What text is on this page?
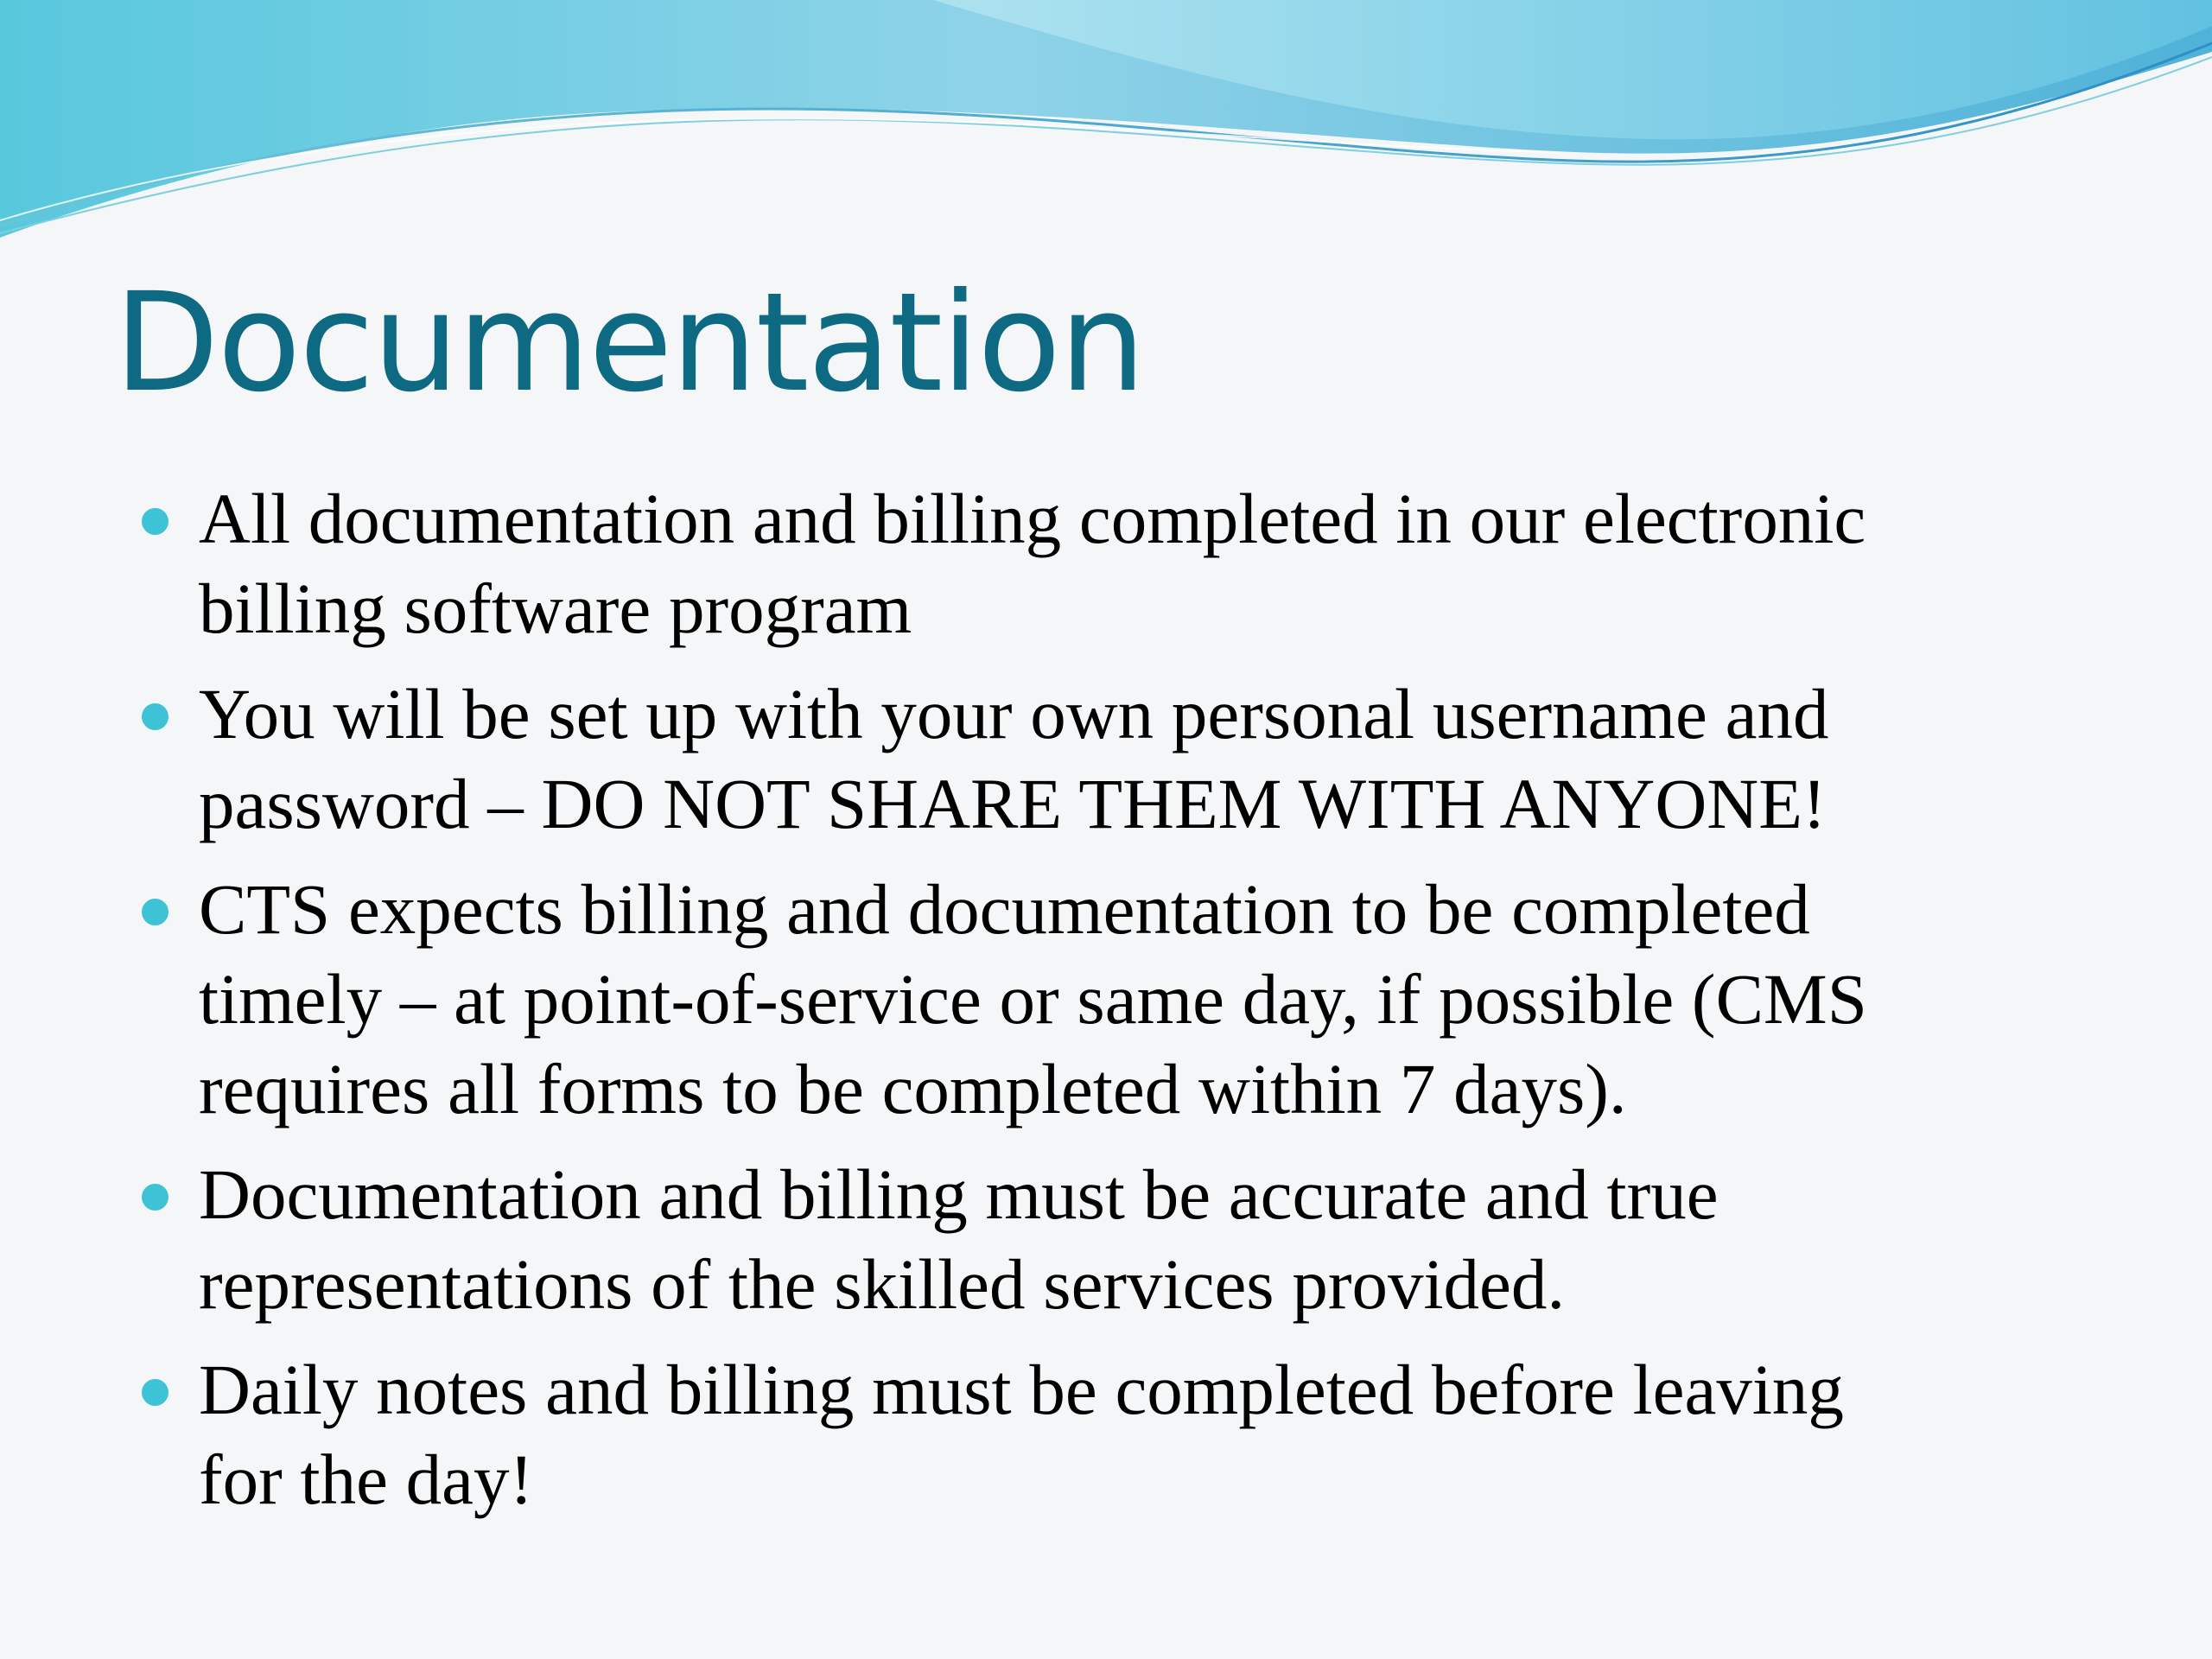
Documentation
All documentation and billing completed in our electronic
billing software program
You will be set up with your own personal username and
password – DO NOT SHARE THEM WITH ANYONE!
CTS expects billing and documentation to be completed
timely – at point-of-service or same day, if possible (CMS
requires all forms to be completed within 7 days).
Documentation and billing must be accurate and true
representations of the skilled services provided.
Daily notes and billing must be completed before leaving
for the day!
